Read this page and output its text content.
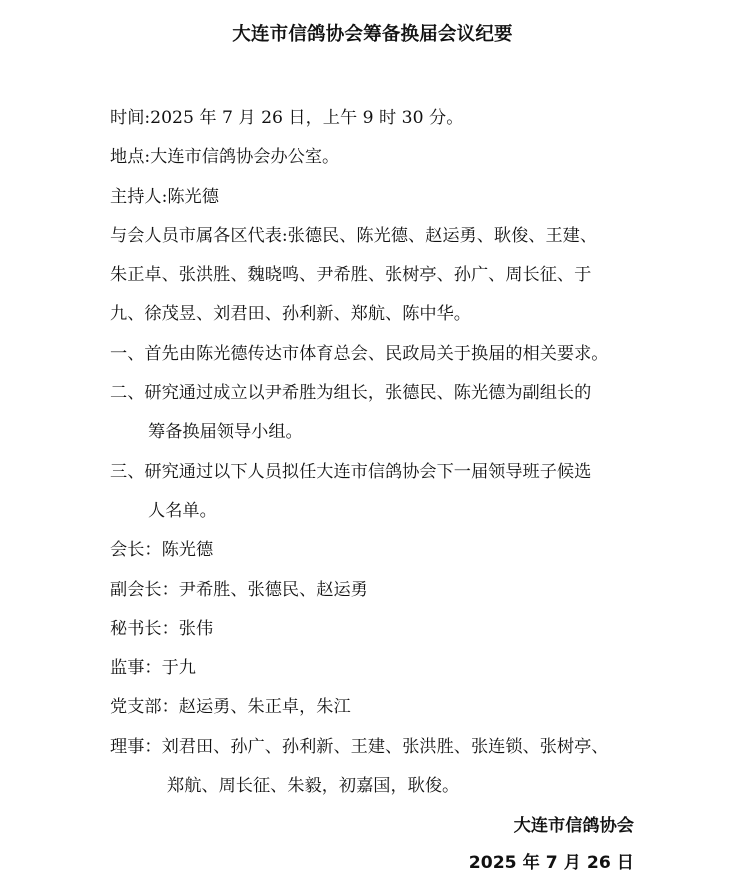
大连市信鸽协会筹备换届会议纪要
时间:2025 年 7 月 26 日，上午 9 时 30 分。
地点:大连市信鸽协会办公室。
主持人:陈光德
与会人员市属各区代表:张德民、陈光德、赵运勇、耿俊、王建、
朱正卓、张洪胜、魏晓鸣、尹希胜、张树亭、孙广、周长征、于
九、徐茂昱、刘君田、孙利新、郑航、陈中华。
一、首先由陈光德传达市体育总会、民政局关于换届的相关要求。
二、研究通过成立以尹希胜为组长，张德民、陈光德为副组长的
筹备换届领导小组。
三、研究通过以下人员拟任大连市信鸽协会下一届领导班子候选
人名单。
会长：陈光德
副会长：尹希胜、张德民、赵运勇
秘书长：张伟
监事：于九
党支部：赵运勇、朱正卓，朱江
理事：刘君田、孙广、孙利新、王建、张洪胜、张连锁、张树亭、
郑航、周长征、朱毅，初嘉国，耿俊。
大连市信鸽协会
2025 年 7 月 26 日
